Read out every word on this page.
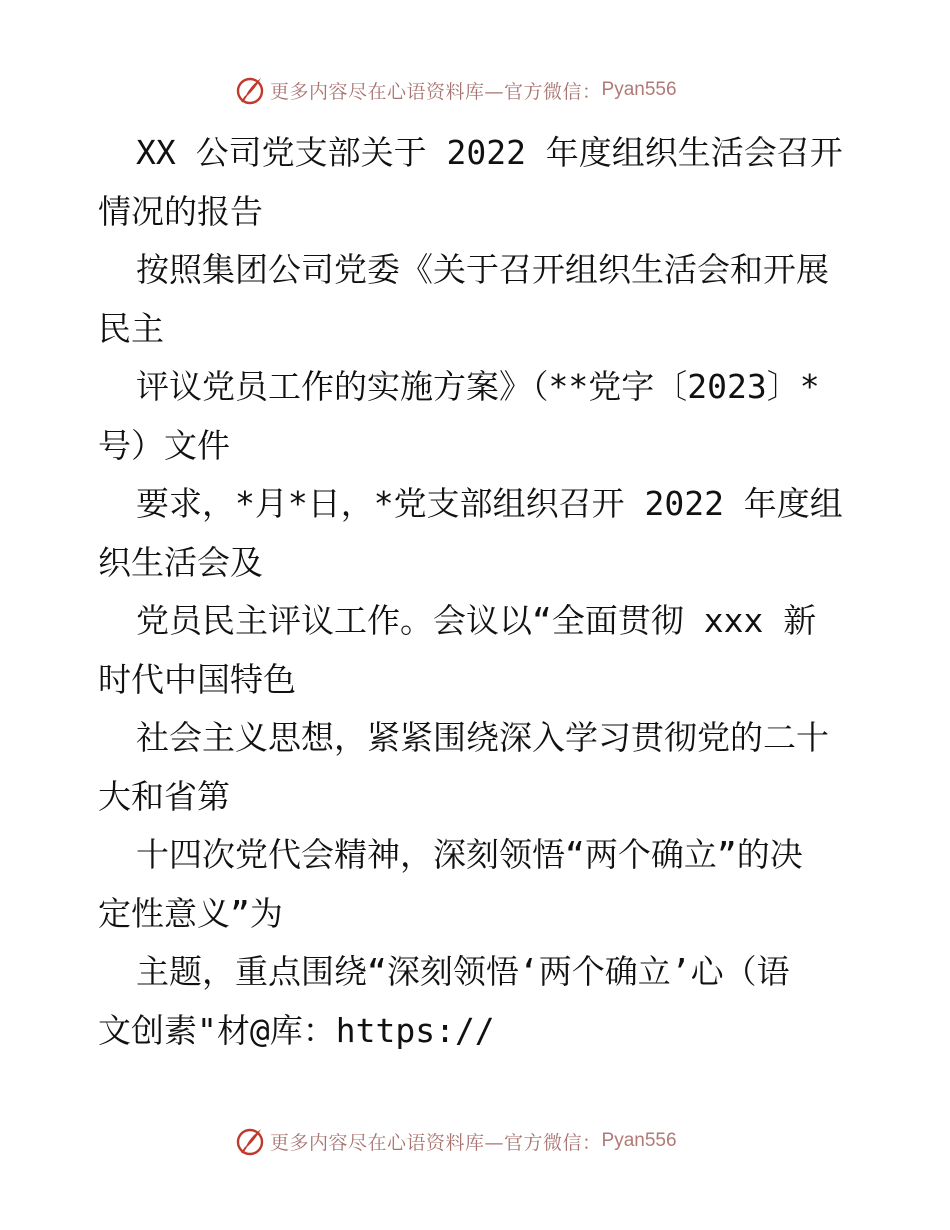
更多内容尽在心语资料库—官方微信： Pyan556
XX 公司党支部关于 2022 年度组织生活会召开
情况的报告
按照集团公司党委《关于召开组织生活会和开展
民主
评议党员工作的实施方案》（**党字〔2023〕*
号）文件
要求，*月*日，*党支部组织召开 2022 年度组
织生活会及
党员民主评议工作。会议以“全面贯彻 xxx 新
时代中国特色
社会主义思想，紧紧围绕深入学习贯彻党的二十
大和省第
十四次党代会精神，深刻领悟“两个确立”的决
定性意义”为
主题，重点围绕“深刻领悟‘两个确立’心（语
文创素"材@库：https://
更多内容尽在心语资料库—官方微信： Pyan556
